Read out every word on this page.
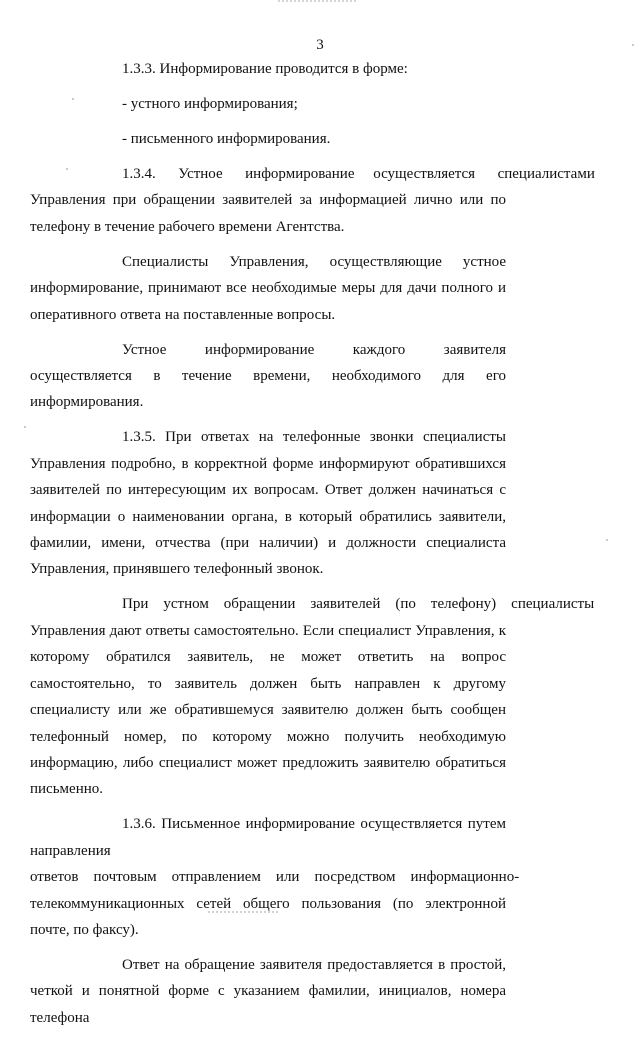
3

1.3.3. Информирование проводится в форме:

- устного информирования;

- письменного информирования.

1.3.4.      Устное      информирование     осуществляется      специалистами Управления при обращении заявителей за информацией лично или по телефону в течение рабочего времени Агентства.

Специалисты Управления, осуществляющие устное информирование, принимают все необходимые меры для дачи полного и оперативного ответа на поставленные вопросы.

Устное информирование каждого заявителя осуществляется в течение времени, необходимого для его информирования.

1.3.5. При ответах на телефонные звонки специалисты Управления подробно, в корректной форме информируют обратившихся заявителей по интересующим их вопросам. Ответ должен начинаться с информации о наименовании органа, в который обратились заявители, фамилии, имени, отчества (при наличии) и должности специалиста Управления, принявшего телефонный звонок.

При    устном    обращении    заявителей    (по    телефону)    специалисты Управления дают ответы самостоятельно. Если специалист Управления, к которому обратился заявитель, не может ответить на вопрос самостоятельно, то заявитель должен быть направлен к другому специалисту или же обратившемуся заявителю должен быть сообщен телефонный номер, по которому можно получить необходимую информацию, либо специалист может предложить заявителю обратиться письменно.

1.3.6. Письменное информирование осуществляется путем направления ответов    почтовым    отправлением    или    посредством    информационно-телекоммуникационных сетей общего пользования (по электронной почте, по факсу).

Ответ на обращение заявителя предоставляется в простой, четкой и понятной форме с указанием фамилии, инициалов, номера телефона
